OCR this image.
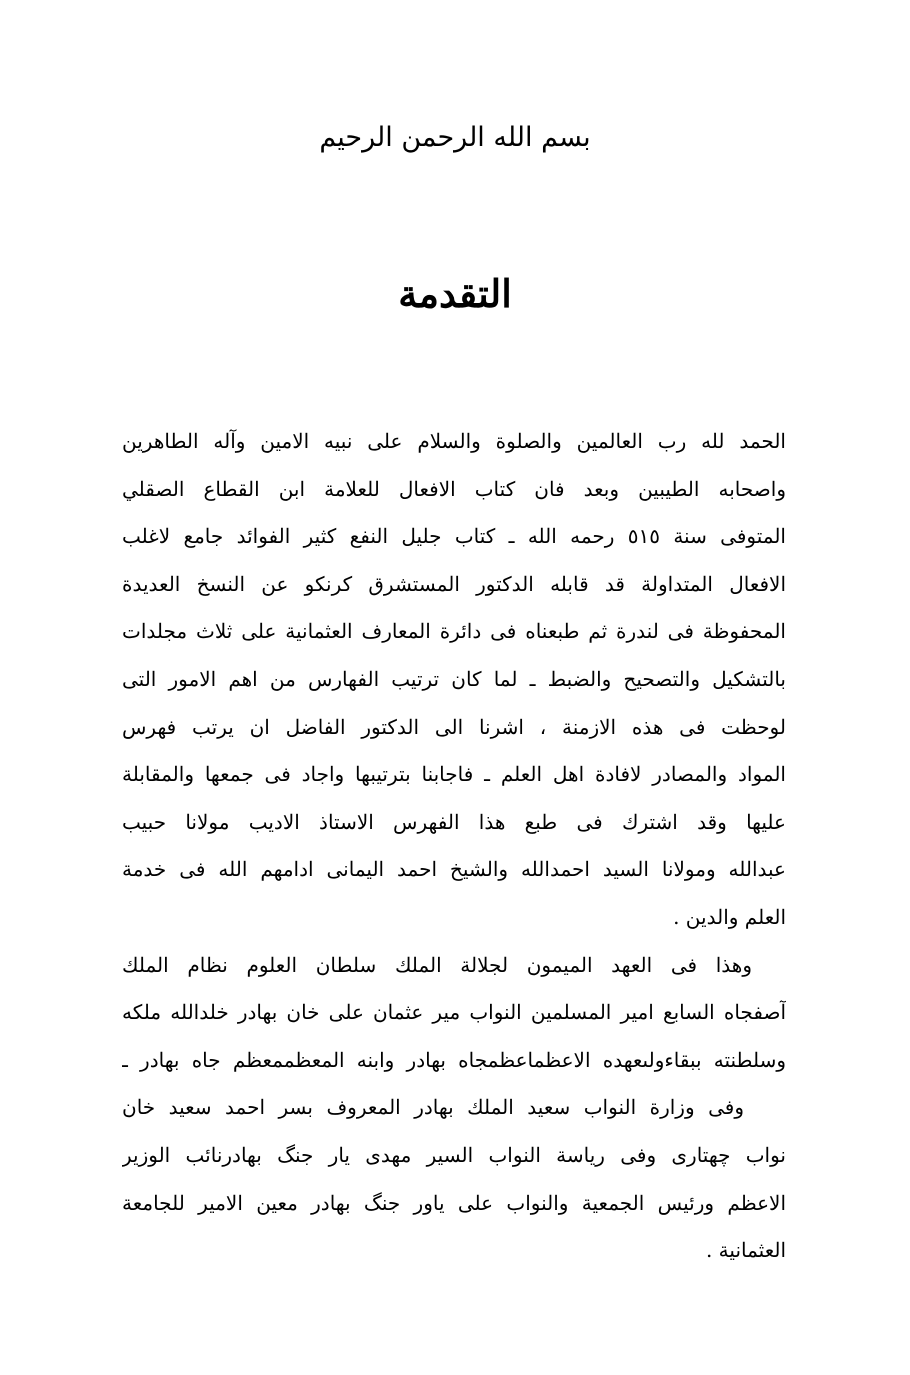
بسم الله الرحمن الرحيم
التقدمة
الحمد لله رب العالمين والصلوة والسلام على نبيه الامين وآله الطاهرين
واصحابه الطيبين وبعد فان كتاب الافعال للعلامة ابن القطاع الصقلي
المتوفى سنة ٥١٥ رحمه الله ـ كتاب جليل النفع كثير الفوائد جامع لاغلب
الافعال المتداولة قد قابله الدكتور المستشرق كرنكو عن النسخ العديدة
المحفوظة فى لندرة ثم طبعناه فى دائرة المعارف العثمانية على ثلاث مجلدات
بالتشكيل والتصحيح والضبط ـ لما كان ترتيب الفهارس من اهم الامور التى
لوحظت فى هذه الازمنة ، اشرنا الى الدكتور الفاضل ان يرتب فهرس
المواد والمصادر لافادة اهل العلم ـ فاجابنا بترتيبها واجاد فى جمعها والمقابلة
عليها وقد اشترك فى طبع هذا الفهرس الاستاذ الاديب مولانا حبيب
عبدالله ومولانا السيد احمدالله والشيخ احمد اليمانى ادامهم الله فى خدمة
العلم والدين .
وهذا فى العهد الميمون لجلالة الملك سلطان العلوم نظام الملك
آصفجاه السابع امير المسلمين النواب مير عثمان على خان بهادر خلدالله ملكه
وسلطنته ببقاءولىعهده الاعظماعظمجاه بهادر وابنه المعظممعظم جاه بهادر ـ
وفى وزارة النواب سعيد الملك بهادر المعروف بسر احمد سعيد خان
نواب چهتارى وفى رياسة النواب السير مهدى يار جنگ بهادرنائب الوزير
الاعظم ورئيس الجمعية والنواب على ياور جنگ بهادر معين الامير للجامعة
العثمانية .
